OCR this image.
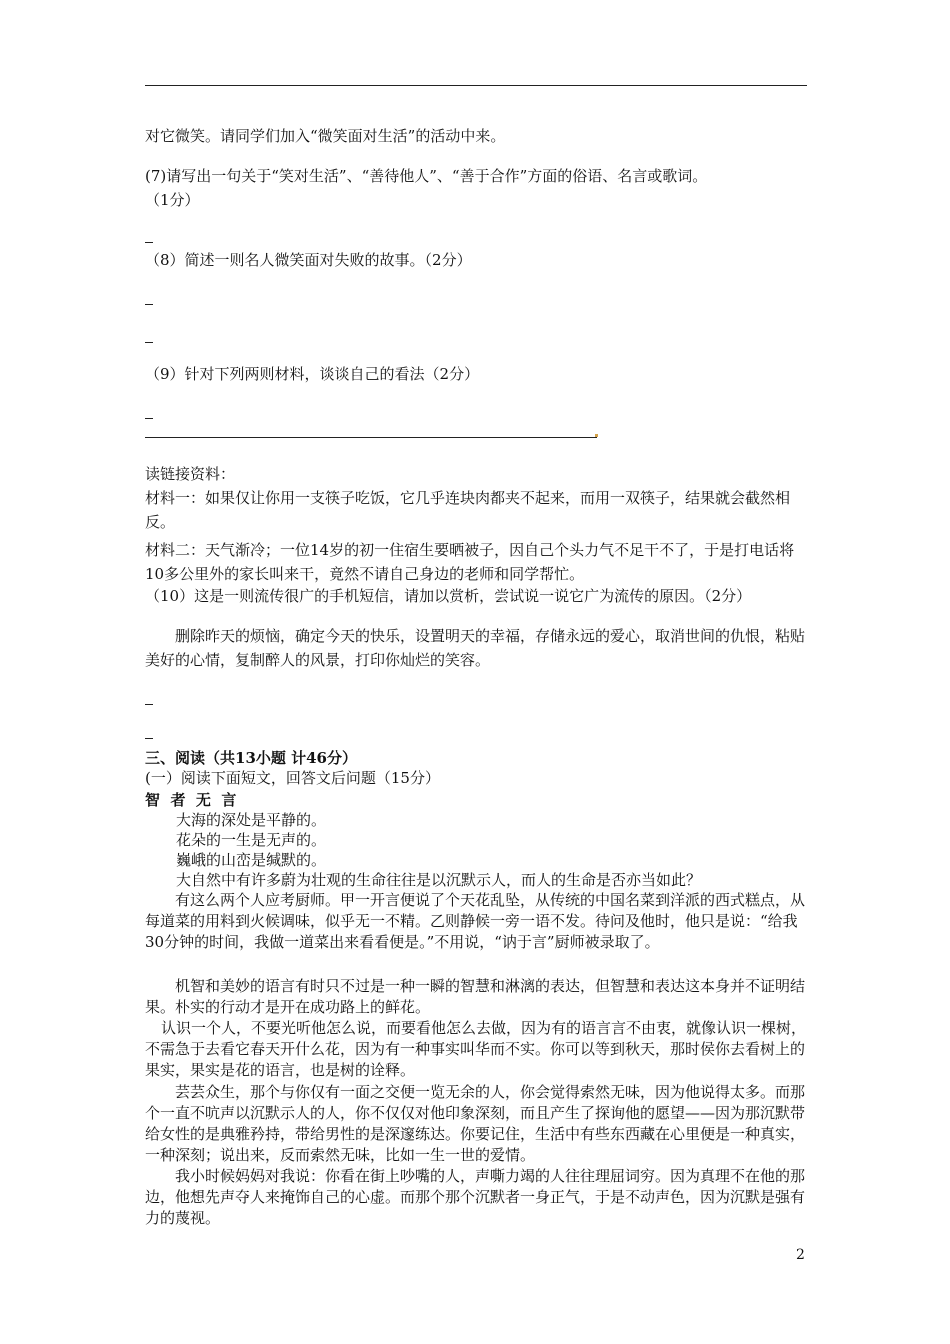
对它微笑。请同学们加入“微笑面对生活”的活动中来。
(7)请写出一句关于“笑对生活”、“善待他人”、“善于合作”方面的俗语、名言或歌词。
（1分）
（8）简述一则名人微笑面对失败的故事。（2分）
（9）针对下列两则材料，谈谈自己的看法（2分）
读链接资料：
材料一：如果仅让你用一支筷子吃饭，它几乎连块肉都夹不起来，而用一双筷子，结果就会截然相反。
材料二：天气渐冷；一位14岁的初一住宿生要晒被子，因自己个头力气不足干不了，于是打电话将10多公里外的家长叫来干，竟然不请自己身边的老师和同学帮忙。
（10）这是一则流传很广的手机短信，请加以赏析，尝试说一说它广为流传的原因。（2分）
删除昨天的烦恼，确定今天的快乐，设置明天的幸福，存储永远的爱心，取消世间的仇恨，粘贴美好的心情，复制醉人的风景，打印你灿烂的笑容。
三、阅读（共13小题 计46分）
(一）阅读下面短文，回答文后问题（15分）
智  者  无  言
大海的深处是平静的。
花朵的一生是无声的。
巍峨的山峦是缄默的。
大自然中有许多蔚为壮观的生命往往是以沉默示人，而人的生命是否亦当如此？
有这么两个人应考厨师。甲一开言便说了个天花乱坠，从传统的中国名菜到洋派的西式糕点，从每道菜的用料到火候调味，似乎无一不精。乙则静候一旁一语不发。待问及他时，他只是说：“给我30分钟的时间，我做一道菜出来看看便是。”不用说，“讷于言”厨师被录取了。
机智和美妙的语言有时只不过是一种一瞬的智慧和淋漓的表达，但智慧和表达这本身并不证明结果。朴实的行动才是开在成功路上的鲜花。
认识一个人，不要光听他怎么说，而要看他怎么去做，因为有的语言言不由衷，就像认识一棵树，不需急于去看它春天开什么花，因为有一种事实叫华而不实。你可以等到秋天，那时侯你去看树上的果实，果实是花的语言，也是树的诠释。
芸芸众生，那个与你仅有一面之交便一览无余的人，你会觉得索然无味，因为他说得太多。而那个一直不吭声以沉默示人的人，你不仅仅对他印象深刻，而且产生了探询他的愿望——因为那沉默带给女性的是典雅矜持，带给男性的是深邃练达。你要记住，生活中有些东西藏在心里便是一种真实，一种深刻；说出来，反而索然无味，比如一生一世的爱情。
我小时候妈妈对我说：你看在街上吵嘴的人，声嘶力竭的人往往理屈词穷。因为真理不在他的那边，他想先声夺人来掩饰自己的心虚。而那个那个沉默者一身正气，于是不动声色，因为沉默是强有力的蔑视。
2
